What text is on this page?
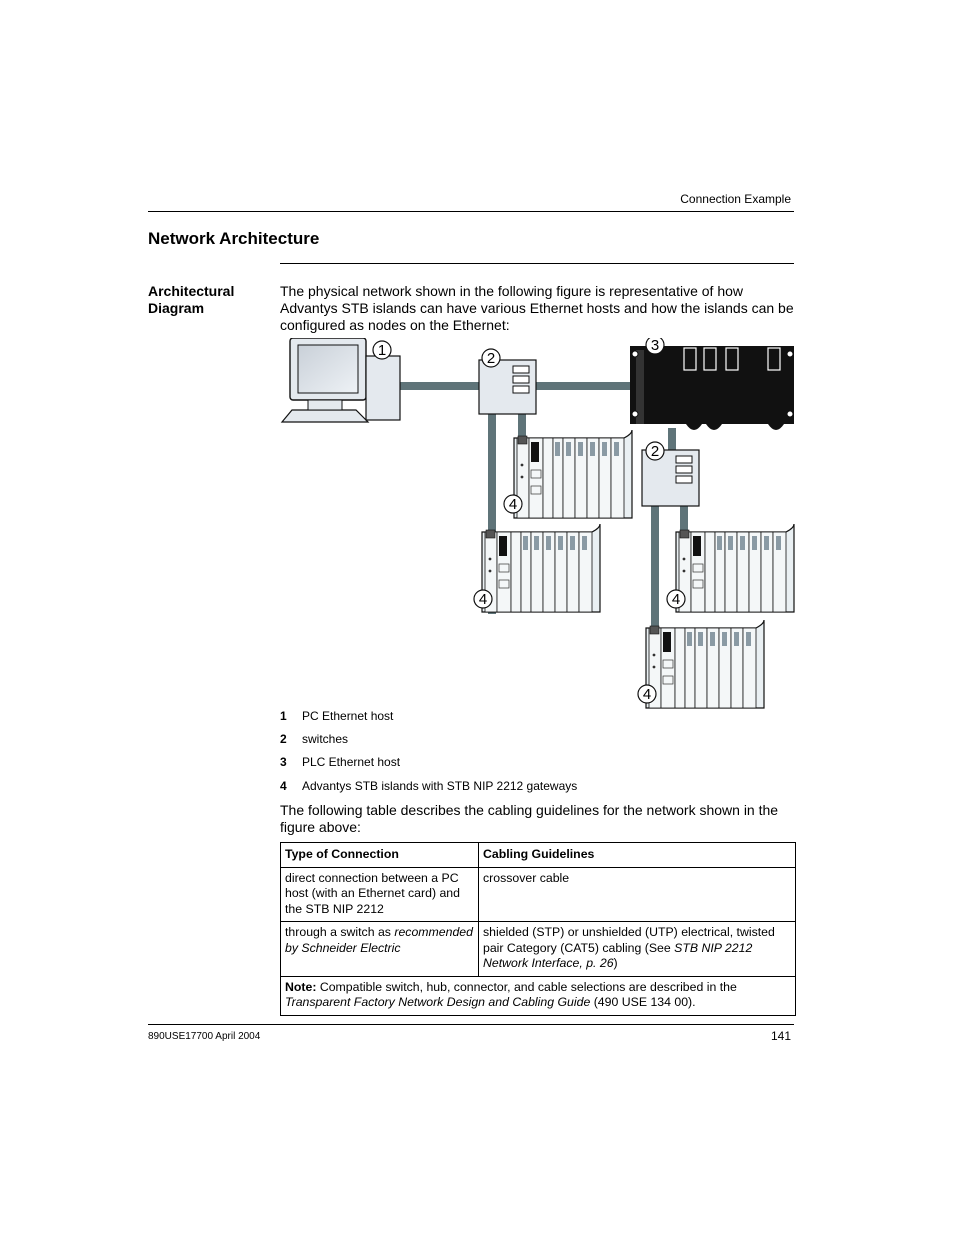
Connection Example
Network Architecture
Architectural
Diagram
The physical network shown in the following figure is representative of how
Advantys STB islands can have various Ethernet hosts and how the islands can be
configured as nodes on the Ethernet:
1	2
3
2
4
4	4
4
1 PC Ethernet host
2 switches
3 PLC Ethernet host
4 Advantys STB islands with STB NIP 2212 gateways
The following table describes the cabling guidelines for the network shown in the
figure above:
Type of Connection	Cabling Guidelines
direct connection between a PC host (with an Ethernet card) and the STB NIP 2212	crossover cable
through a switch as recommended by Schneider Electric	shielded (STP) or unshielded (UTP) electrical, twisted pair Category (CAT5) cabling (See STB NIP 2212 Network Interface, p. 26)
Note: Compatible switch, hub, connector, and cable selections are described in the Transparent Factory Network Design and Cabling Guide (490 USE 134 00).	
890USE17700 April 2004	141
